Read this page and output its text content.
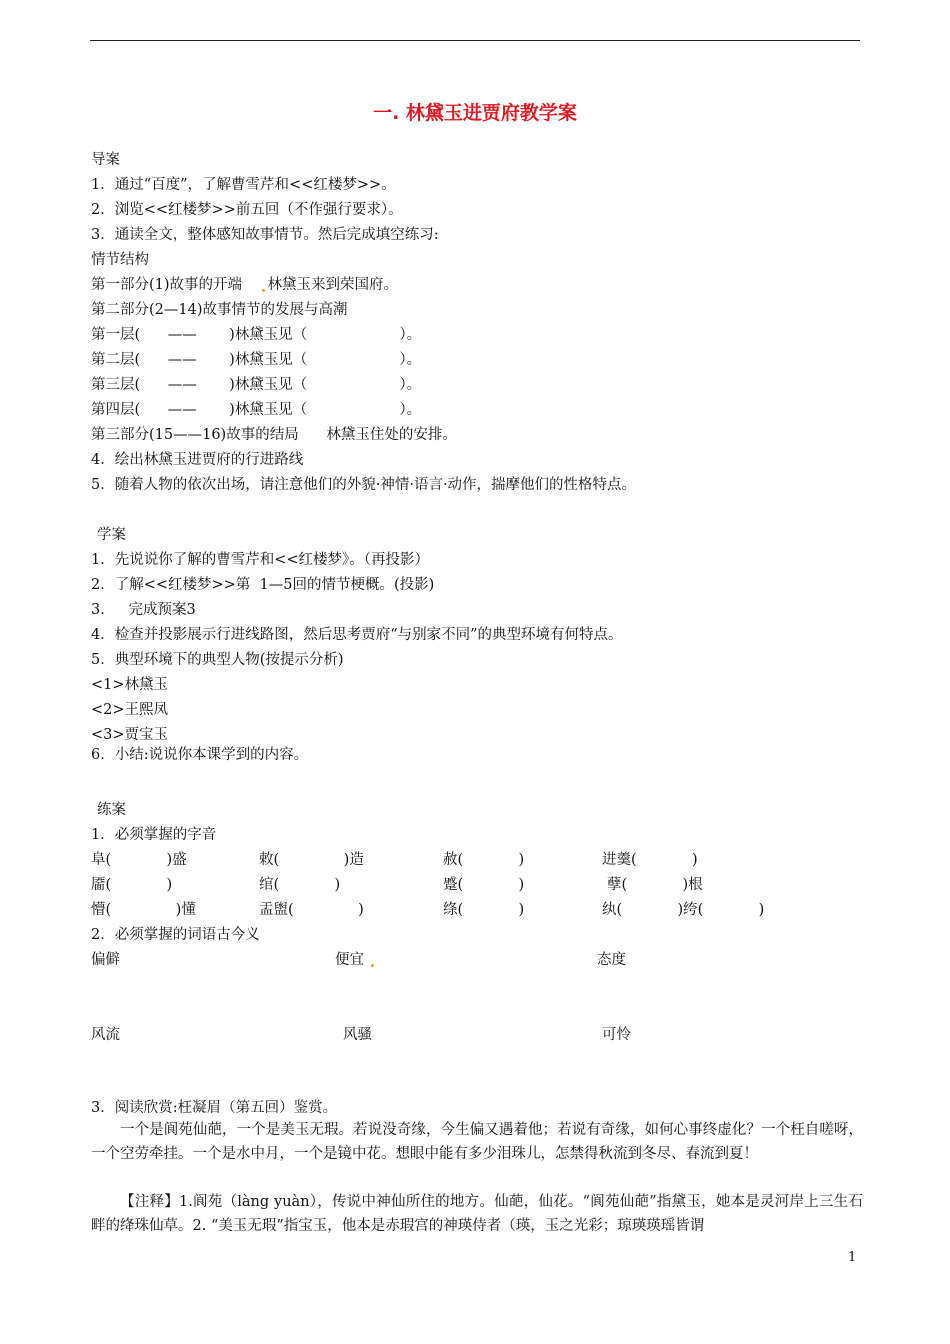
一. 林黛玉进贾府教学案
导案
1．通过“百度”，了解曹雪芹和<<红楼梦>>。
2．浏览<<红楼梦>>前五回（不作强行要求）。
3．通读全文，整体感知故事情节。然后完成填空练习:
情节结构
第一部分(1)故事的开端 林黛玉来到荣国府。
第二部分(2—14)故事情节的发展与高潮
第一层(      ——       )林黛玉见（                    ）。
第二层(      ——       )林黛玉见（                    ）。
第三层(      ——       )林黛玉见（                    ）。
第四层(      ——       )林黛玉见（                    ）。
第三部分(15——16)故事的结局      林黛玉住处的安排。
4．绘出林黛玉进贾府的行进路线
5．随着人物的依次出场，请注意他们的外貌·神情·语言·动作，揣摩他们的性格特点。
学案
1．先说说你了解的曹雪芹和<<红楼梦》。（再投影）
2．了解<<红楼梦>>第  1—5回的情节梗概。(投影)
3．   完成预案3
4．检查并投影展示行进线路图，然后思考贾府“与别家不同”的典型环境有何特点。
5．典型环境下的典型人物(按提示分析)
<1>林黛玉
<2>王熙凤
<3>贾宝玉
6．小结:说说你本课学到的内容。
练案
1．必须掌握的字音
阜(            )盛	敕(              )造	赦(            )	进羹(            )
靥(            )	绾(            )	蹙(            )	孽(            )根
懵(              )懂	盂盥(              )	绦(            )	纨(            )绔(            )
2．必须掌握的词语古今义
偏僻	便宜	态度
风流	风骚	可怜
3．阅读欣赏:枉凝眉（第五回）鉴赏。
一个是阆苑仙葩，一个是美玉无瑕。若说没奇缘，今生偏又遇着他；若说有奇缘，如何心事终虚化？一个枉自嗟呀，一个空劳牵挂。一个是水中月，一个是镜中花。想眼中能有多少泪珠儿，怎禁得秋流到冬尽、春流到夏！
【注释】1.阆苑（làng yuàn），传说中神仙所住的地方。仙葩，仙花。“阆苑仙葩”指黛玉，她本是灵河岸上三生石畔的绛珠仙草。2. “美玉无瑕”指宝玉，他本是赤瑕宫的神瑛侍者（瑛，玉之光彩；琼瑛瑛瑶皆谓
1
